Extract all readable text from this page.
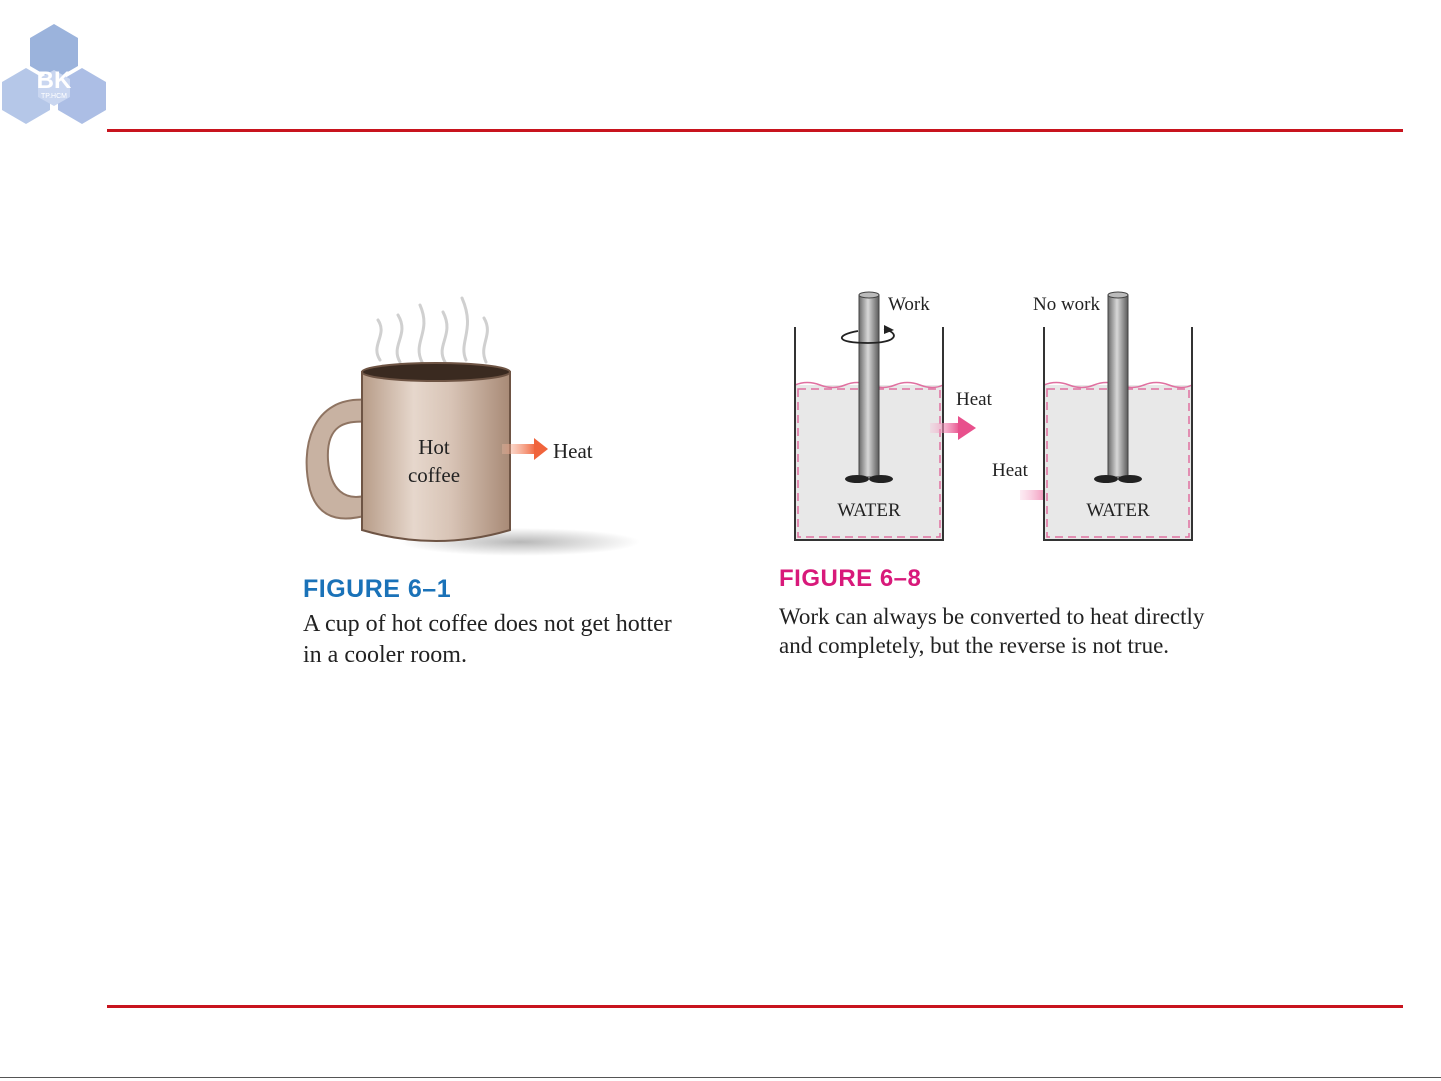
BK
TP.HCM
Hot
coffee
Heat
FIGURE 6–1
A cup of hot coffee does not get hotter in a cooler room.
Work
WATER
Heat
Heat
No work
WATER
FIGURE 6–8
Work can always be converted to heat directly and completely, but the reverse is not true.
